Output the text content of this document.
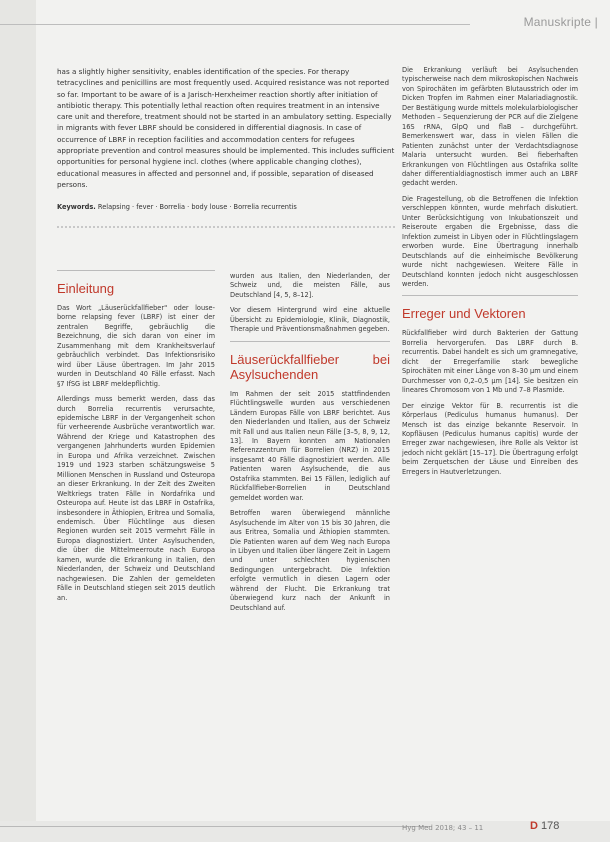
Manuskripte |

has a slightly higher sensitivity, enables identification of the species. For therapy tetracyclines and penicillins are most frequently used. Acquired resistance was not reported so far. Important to be aware of is a Jarisch-Herxheimer reaction shortly after initiation of antibiotic therapy. This potentially lethal reaction often requires treatment in an intensive care unit and therefore, treatment should not be started in an ambulatory setting. Especially in migrants with fever LBRF should be considered in differential diagnosis. In case of occurrence of LBRF in reception facilities and accommodation centers for refugees appropriate prevention and control measures should be implemented. This includes sufficient opportunities for personal hygiene incl. clothes (where applicable changing clothes), educational measures in affected and personnel and, if possible, separation of diseased persons.

Keywords. Relapsing · fever · Borrelia · body louse · Borrelia recurrentis

Einleitung

Das Wort „Läuserückfallfieber" oder louse-borne relapsing fever (LBRF) ist einer der zentralen Begriffe, gebräuchlig die Bezeichnung, die sich daran von einer im Zusammenhang mit dem Krankheitsverlauf gebräuchlich verbindet. Das Infektionsrisiko wird über Läuse übertragen. Im Jahr 2015 wurden in Deutschland 40 Fälle erfasst. Nach §7 IfSG ist LBRF meldepflichtig.

Allerdings muss bemerkt werden, dass das durch Borrelia recurrentis verursachte, epidemische LBRF in der Vergangenheit schon für verheerende Ausbrüche verantwortlich war. Während der Kriege und Katastrophen des vergangenen Jahrhunderts wurden Epidemien in Europa und Afrika verzeichnet. Zwischen 1919 und 1923 starben schätzungsweise 5 Millionen Menschen in Russland und Osteuropa an dieser Erkrankung. In der Zeit des Zweiten Weltkriegs traten Fälle in Nordafrika und Osteuropa auf. Heute ist das LBRF in Ostafrika, insbesondere in Äthiopien, Eritrea und Somalia, endemisch. Über Flüchtlinge aus diesen Regionen wurden seit 2015 vermehrt Fälle in Europa diagnostiziert. Unter Asylsuchenden, die über die Mittelmeerroute nach Europa kamen, wurde die Erkrankung in Italien, den Niederlanden, der Schweiz und Deutschland nachgewiesen. Die Zahlen der gemeldeten Fälle in Deutschland stiegen seit 2015 deutlich an.

wurden aus Italien, den Niederlanden, der Schweiz und, die meisten Fälle, aus Deutschland [4, 5, 8–12].

Vor diesem Hintergrund wird eine aktuelle Übersicht zu Epidemiologie, Klinik, Diagnostik, Therapie und Präventionsmaßnahmen gegeben.

Läuserückfallfieber bei Asylsuchenden

Im Rahmen der seit 2015 stattfindenden Flüchtlingswelle wurden aus verschiedenen Ländern Europas Fälle von LBRF berichtet. Aus den Niederlanden und Italien, aus der Schweiz mit Fall und aus Italien neun Fälle [3–5, 8, 9, 12, 13]. In Bayern konnten am Nationalen Referenzzentrum für Borrelien (NRZ) in 2015 insgesamt 40 Fälle diagnostiziert werden. Alle Patienten waren Asylsuchende, die aus Ostafrika stammten. Bei 15 Fällen, lediglich auf Rückfallfieber-Borrelien in Deutschland gemeldet worden war.

Betroffen waren überwiegend männliche Asylsuchende im Alter von 15 bis 30 Jahren, die aus Eritrea, Somalia und Äthiopien stammten. Die Patienten waren auf dem Weg nach Europa in Libyen und Italien über längere Zeit in Lagern und unter schlechten hygienischen Bedingungen untergebracht. Die Infektion erfolgte vermutlich in diesen Lagern oder während der Flucht. Die Erkrankung trat überwiegend kurz nach der Ankunft in Deutschland auf.

Die Erkrankung verläuft bei Asylsuchenden typischerweise nach dem mikroskopischen Nachweis von Spirochäten im gefärbten Blutausstrich oder im Dicken Tropfen im Rahmen einer Malariadiagnostik. Der Bestätigung wurde mittels molekularbiologischer Methoden – Sequenzierung der PCR auf die Zielgene 16S rRNA, GlpQ und flaB – durchgeführt. Bemerkenswert war, dass in vielen Fällen die Patienten zunächst unter der Verdachtsdiagnose Malaria untersucht wurden. Bei fieberhaften Erkrankungen von Flüchtlingen aus Ostafrika sollte daher differentialdiagnostisch immer auch an LBRF gedacht werden.

Die Fragestellung, ob die Betroffenen die Infektion verschleppen könnten, wurde mehrfach diskutiert. Unter Berücksichtigung von Inkubationszeit und Reiseroute ergaben die Ergebnisse, dass die Infektion zumeist in Libyen oder in Flüchtlingslagern erworben wurde. Eine Übertragung innerhalb Deutschlands auf die einheimische Bevölkerung wurde nicht nachgewiesen. Weitere Fälle in Deutschland konnten jedoch nicht ausgeschlossen werden.

Erreger und Vektoren

Rückfallfieber wird durch Bakterien der Gattung Borrelia hervorgerufen. Das LBRF durch B. recurrentis. Dabei handelt es sich um gramnegative, dicht der Erregerfamilie stark bewegliche Spirochäten mit einer Länge von 8–30 µm und einem Durchmesser von 0,2–0,5 µm [14]. Sie besitzen ein lineares Chromosom von 1 Mb und 7–8 Plasmide.

Der einzige Vektor für B. recurrentis ist die Körperlaus (Pediculus humanus humanus). Der Mensch ist das einzige bekannte Reservoir. In Kopfläusen (Pediculus humanus capitis) wurde der Erreger zwar nachgewiesen, ihre Rolle als Vektor ist jedoch nicht geklärt [15–17]. Die Übertragung erfolgt beim Zerquetschen der Läuse und Einreiben des Erregers in Hautverletzungen.

Hyg Med 2018; 43 – 11	D 178
